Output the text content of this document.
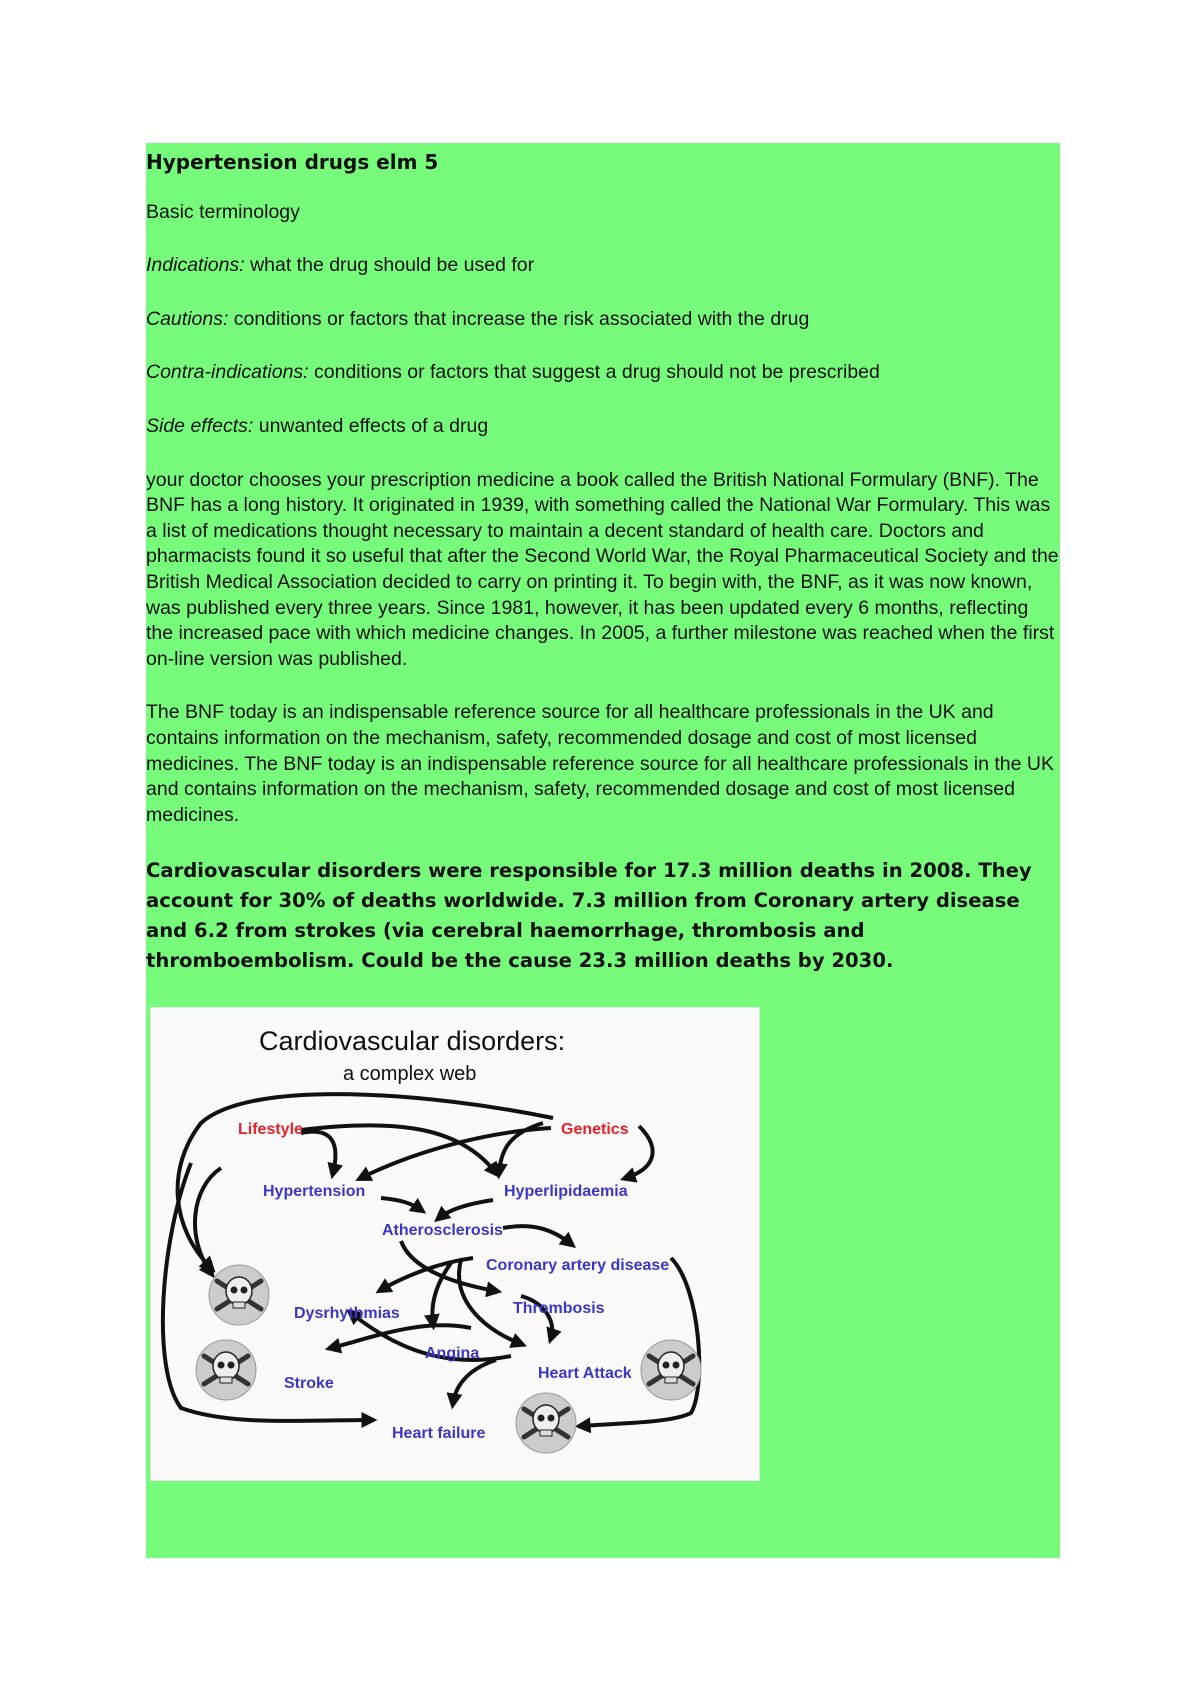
Hypertension drugs elm 5
Basic terminology
Indications: what the drug should be used for
Cautions: conditions or factors that increase the risk associated with the drug
Contra-indications: conditions or factors that suggest a drug should not be prescribed
Side effects: unwanted effects of a drug
your doctor chooses your prescription medicine a book called the British National Formulary (BNF). The BNF has a long history. It originated in 1939, with something called the National War Formulary. This was a list of medications thought necessary to maintain a decent standard of health care. Doctors and pharmacists found it so useful that after the Second World War, the Royal Pharmaceutical Society and the British Medical Association decided to carry on printing it. To begin with, the BNF, as it was now known, was published every three years. Since 1981, however, it has been updated every 6 months, reflecting the increased pace with which medicine changes. In 2005, a further milestone was reached when the first on-line version was published.
The BNF today is an indispensable reference source for all healthcare professionals in the UK and contains information on the mechanism, safety, recommended dosage and cost of most licensed medicines. The BNF today is an indispensable reference source for all healthcare professionals in the UK and contains information on the mechanism, safety, recommended dosage and cost of most licensed medicines.
Cardiovascular disorders were responsible for 17.3 million deaths in 2008. They account for 30% of deaths worldwide. 7.3 million from Coronary artery disease and 6.2 from strokes (via cerebral haemorrhage, thrombosis and thromboembolism. Could be the cause 23.3 million deaths by 2030.
Cardiovascular disorders:
a complex web
Lifestyle	Genetics
Hypertension	Hyperlipidaemia
Atherosclerosis
Coronary artery disease
Dysrhythmias	Thrombosis
Angina
Stroke
Heart Attack
Heart failure
